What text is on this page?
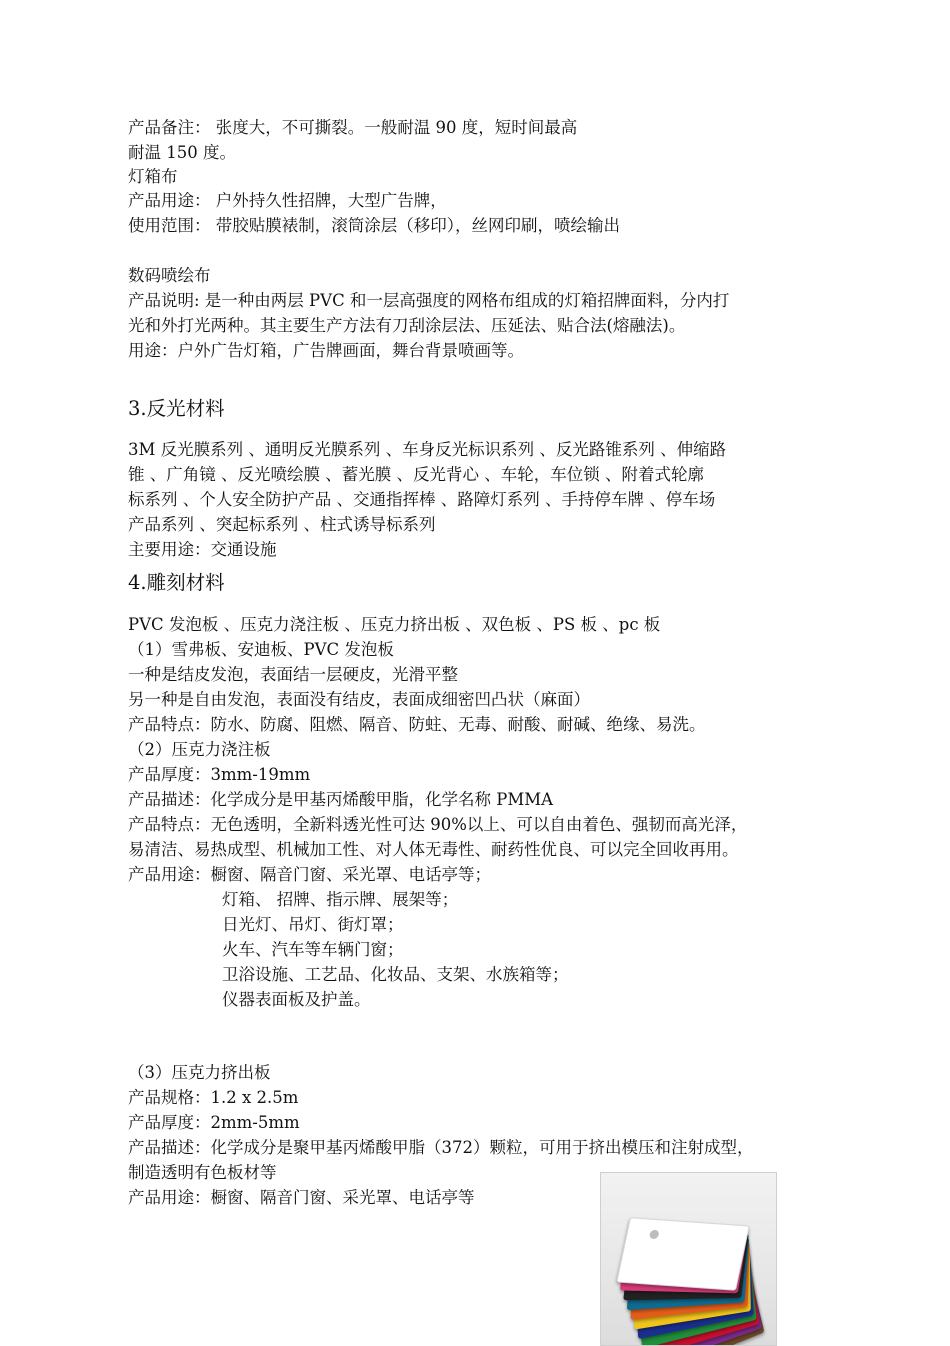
产品备注： 张度大，不可撕裂。一般耐温 90 度，短时间最高
耐温 150 度。
灯箱布
产品用途： 户外持久性招牌，大型广告牌，
使用范围： 带胶贴膜裱制，滚筒涂层（移印），丝网印刷，喷绘输出
数码喷绘布
产品说明: 是一种由两层 PVC 和一层高强度的网格布组成的灯箱招牌面料，分内打
光和外打光两种。其主要生产方法有刀刮涂层法、压延法、贴合法(熔融法)。
用途：户外广告灯箱，广告牌画面，舞台背景喷画等。
3.反光材料
3M 反光膜系列 、通明反光膜系列 、车身反光标识系列 、反光路锥系列 、伸缩路
锥 、广角镜 、反光喷绘膜 、蓄光膜 、反光背心 、车轮，车位锁 、附着式轮廓
标系列 、个人安全防护产品 、交通指挥棒 、路障灯系列 、手持停车牌 、停车场
产品系列 、突起标系列 、柱式诱导标系列
主要用途：交通设施
4.雕刻材料
PVC 发泡板 、压克力浇注板 、压克力挤出板 、双色板 、PS 板 、pc 板
（1）雪弗板、安迪板、PVC 发泡板
一种是结皮发泡，表面结一层硬皮，光滑平整
另一种是自由发泡，表面没有结皮，表面成细密凹凸状（麻面）
产品特点：防水、防腐、阻燃、隔音、防蛀、无毒、耐酸、耐碱、绝缘、易洗。
（2）压克力浇注板
产品厚度：3mm-19mm
产品描述：化学成分是甲基丙烯酸甲脂，化学名称 PMMA
产品特点：无色透明，全新料透光性可达 90%以上、可以自由着色、强韧而高光泽，
易清洁、易热成型、机械加工性、对人体无毒性、耐药性优良、可以完全回收再用。
产品用途：橱窗、隔音门窗、采光罩、电话亭等；
灯箱、 招牌、指示牌、展架等；
日光灯、吊灯、街灯罩；
火车、汽车等车辆门窗；
卫浴设施、工艺品、化妆品、支架、水族箱等；
仪器表面板及护盖。
（3）压克力挤出板
产品规格：1.2 x 2.5m
产品厚度：2mm-5mm
产品描述：化学成分是聚甲基丙烯酸甲脂（372）颗粒，可用于挤出模压和注射成型，
制造透明有色板材等
产品用途：橱窗、隔音门窗、采光罩、电话亭等
